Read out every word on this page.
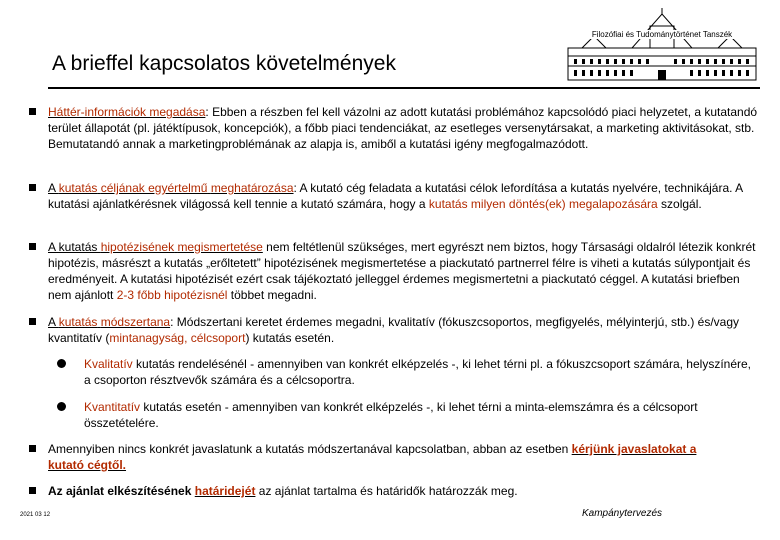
A brieffel kapcsolatos követelmények
Filozófiai és Tudománytörténet Tanszék
Háttér-információk megadása: Ebben a részben fel kell vázolni az adott kutatási problémához kapcsolódó piaci helyzetet, a kutatandó terület állapotát (pl. játéktípusok, koncepciók), a főbb piaci tendenciákat, az esetleges versenytársakat, a marketing aktivitásokat, stb. Bemutatandó annak a marketingproblémának az alapja is, amiből a kutatási igény megfogalmazódott.
A kutatás céljának egyértelmű meghatározása: A kutató cég feladata a kutatási célok lefordítása a kutatás nyelvére, technikájára. A kutatási ajánlatkérésnek világossá kell tennie a kutató számára, hogy a kutatás milyen döntés(ek) megalapozására szolgál.
A kutatás hipotézisének megismertetése nem feltétlenül szükséges, mert egyrészt nem biztos, hogy Társasági oldalról létezik konkrét hipotézis, másrészt a kutatás „erőltetett” hipotézisének megismertetése a piackutató partnerrel félre is viheti a kutatás súlypontjait és eredményeit. A kutatási hipotézisét ezért csak tájékoztató jelleggel érdemes megismertetni a piackutató céggel. A kutatási briefben nem ajánlott 2-3 főbb hipotézisnél többet megadni.
A kutatás módszertana: Módszertani keretet érdemes megadni, kvalitatív (fókuszcsoportos, megfigyelés, mélyinterjú, stb.) és/vagy kvantitatív (mintanagyság, célcsoport) kutatás esetén.
Kvalitatív kutatás rendelésénél - amennyiben van konkrét elképzelés -, ki lehet térni pl. a fókuszcsoport számára, helyszínére, a csoporton résztvevők számára és a célcsoportra.
Kvantitatív kutatás esetén - amennyiben van konkrét elképzelés -, ki lehet térni a minta-elemszámra és a célcsoport összetételére.
Amennyiben nincs konkrét javaslatunk a kutatás módszertanával kapcsolatban, abban az esetben kérjünk javaslatokat a kutató cégtől.
Az ajánlat elkészítésének határidejét az ajánlat tartalma és határidők határozzák meg.
2021 03 12	Kampánytervezés
